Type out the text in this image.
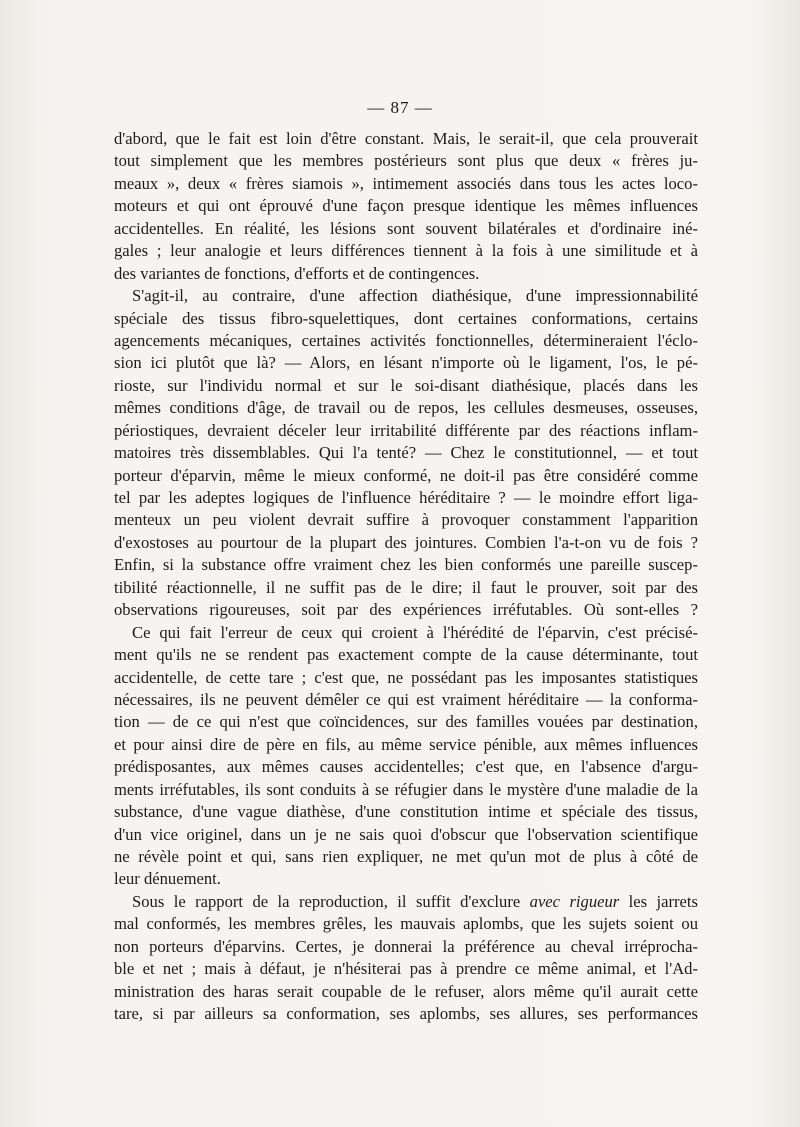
— 87 —
d'abord, que le fait est loin d'être constant. Mais, le serait-il, que cela prouverait
tout simplement que les membres postérieurs sont plus que deux « frères ju-
meaux », deux « frères siamois », intimement associés dans tous les actes loco-
moteurs et qui ont éprouvé d'une façon presque identique les mêmes influences
accidentelles. En réalité, les lésions sont souvent bilatérales et d'ordinaire iné-
gales ; leur analogie et leurs différences tiennent à la fois à une similitude et à
des variantes de fonctions, d'efforts et de contingences.
S'agit-il, au contraire, d'une affection diathésique, d'une impressionnabilité
spéciale des tissus fibro-squelettiques, dont certaines conformations, certains
agencements mécaniques, certaines activités fonctionnelles, détermineraient l'éclo-
sion ici plutôt que là? — Alors, en lésant n'importe où le ligament, l'os, le pé-
rioste, sur l'individu normal et sur le soi-disant diathésique, placés dans les
mêmes conditions d'âge, de travail ou de repos, les cellules desmeuses, osseuses,
périostiques, devraient déceler leur irritabilité différente par des réactions inflam-
matoires très dissemblables. Qui l'a tenté? — Chez le constitutionnel, — et tout
porteur d'éparvin, même le mieux conformé, ne doit-il pas être considéré comme
tel par les adeptes logiques de l'influence héréditaire ? — le moindre effort liga-
menteux un peu violent devrait suffire à provoquer constamment l'apparition
d'exostoses au pourtour de la plupart des jointures. Combien l'a-t-on vu de fois ?
Enfin, si la substance offre vraiment chez les bien conformés une pareille suscep-
tibilité réactionnelle, il ne suffit pas de le dire; il faut le prouver, soit par des
observations rigoureuses, soit par des expériences irréfutables. Où sont-elles ?
Ce qui fait l'erreur de ceux qui croient à l'hérédité de l'éparvin, c'est précisé-
ment qu'ils ne se rendent pas exactement compte de la cause déterminante, tout
accidentelle, de cette tare ; c'est que, ne possédant pas les imposantes statistiques
nécessaires, ils ne peuvent démêler ce qui est vraiment héréditaire — la conforma-
tion — de ce qui n'est que coïncidences, sur des familles vouées par destination,
et pour ainsi dire de père en fils, au même service pénible, aux mêmes influences
prédisposantes, aux mêmes causes accidentelles; c'est que, en l'absence d'argu-
ments irréfutables, ils sont conduits à se réfugier dans le mystère d'une maladie de la
substance, d'une vague diathèse, d'une constitution intime et spéciale des tissus,
d'un vice originel, dans un je ne sais quoi d'obscur que l'observation scientifique
ne révèle point et qui, sans rien expliquer, ne met qu'un mot de plus à côté de
leur dénuement.
Sous le rapport de la reproduction, il suffit d'exclure avec rigueur les jarrets
mal conformés, les membres grêles, les mauvais aplombs, que les sujets soient ou
non porteurs d'éparvins. Certes, je donnerai la préférence au cheval irréprocha-
ble et net ; mais à défaut, je n'hésiterai pas à prendre ce même animal, et l'Ad-
ministration des haras serait coupable de le refuser, alors même qu'il aurait cette
tare, si par ailleurs sa conformation, ses aplombs, ses allures, ses performances
